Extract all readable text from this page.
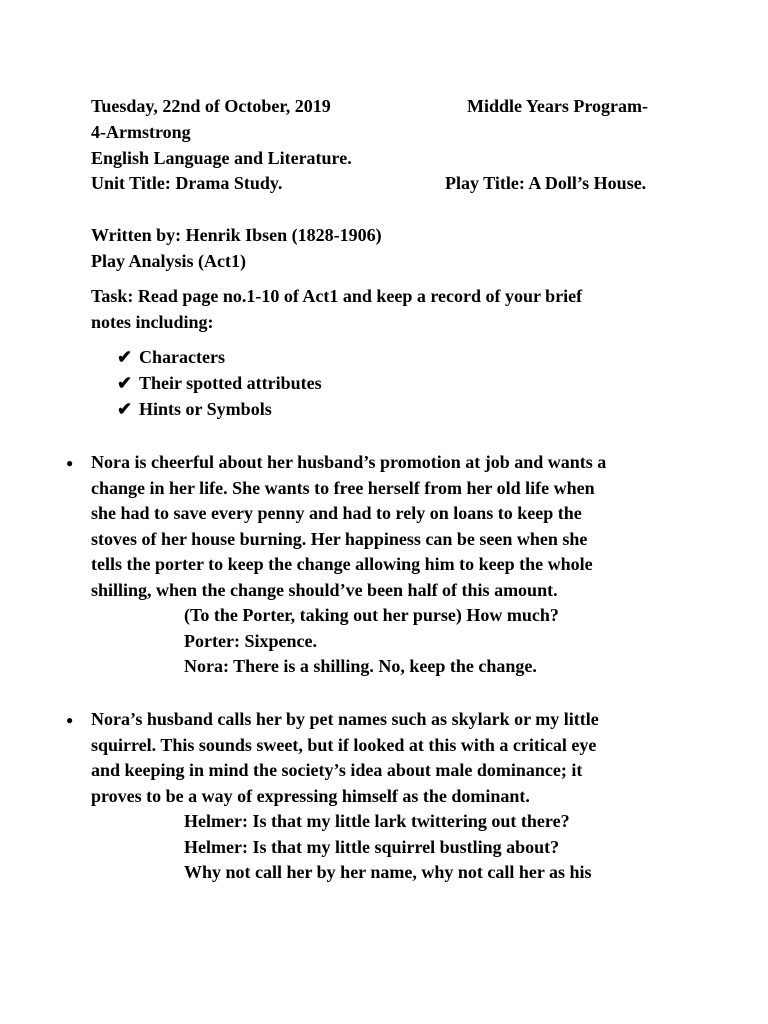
Tuesday, 22nd of October, 2019	Middle Years Program-
4-Armstrong
English Language and Literature.
Unit Title: Drama Study.	Play Title: A Doll’s House.
Written by: Henrik Ibsen (1828-1906)
Play Analysis (Act1)
Task: Read page no.1-10 of Act1 and keep a record of your brief
notes including:
✔ Characters
✔ Their spotted attributes
✔ Hints or Symbols
● Nora is cheerful about her husband’s promotion at job and wants a
change in her life. She wants to free herself from her old life when
she had to save every penny and had to rely on loans to keep the
stoves of her house burning. Her happiness can be seen when she
tells the porter to keep the change allowing him to keep the whole
shilling, when the change should’ve been half of this amount.
(To the Porter, taking out her purse) How much?
Porter: Sixpence.
Nora: There is a shilling. No, keep the change.
● Nora’s husband calls her by pet names such as skylark or my little
squirrel. This sounds sweet, but if looked at this with a critical eye
and keeping in mind the society’s idea about male dominance; it
proves to be a way of expressing himself as the dominant.
Helmer: Is that my little lark twittering out there?
Helmer: Is that my little squirrel bustling about?
Why not call her by her name, why not call her as his
